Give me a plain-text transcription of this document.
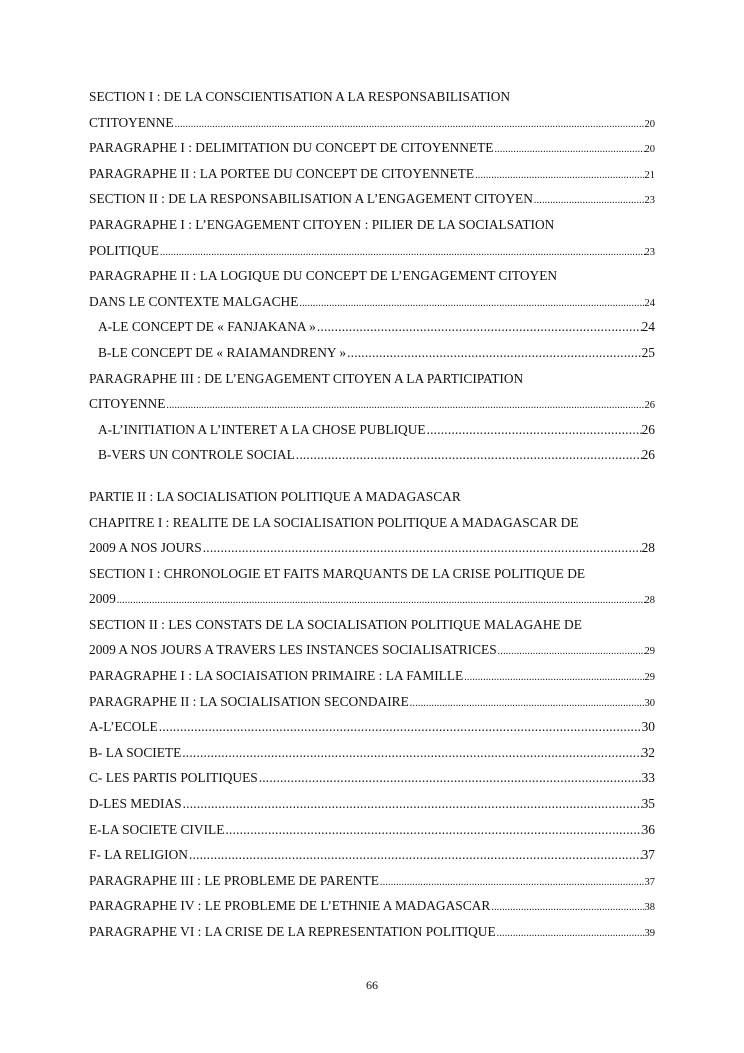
SECTION I : DE LA CONSCIENTISATION A LA RESPONSABILISATION
CTITOYENNE .....	20
PARAGRAPHE I : DELIMITATION DU CONCEPT DE CITOYENNETE .....	20
PARAGRAPHE II : LA PORTEE DU CONCEPT DE CITOYENNETE .....	21
SECTION II : DE LA RESPONSABILISATION A L’ENGAGEMENT CITOYEN .....	23
PARAGRAPHE I : L’ENGAGEMENT CITOYEN : PILIER DE LA SOCIALSATION
POLITIQUE .....	23
PARAGRAPHE II : LA LOGIQUE DU CONCEPT DE L’ENGAGEMENT CITOYEN
DANS LE CONTEXTE MALGACHE .....	24
A-LE CONCEPT DE « FANJAKANA » .....	24
B-LE CONCEPT DE « RAIAMANDRENY » .....	25
PARAGRAPHE III : DE L’ENGAGEMENT CITOYEN A LA PARTICIPATION
CITOYENNE .....	26
A-L’INITIATION A L’INTERET A LA CHOSE PUBLIQUE .....	26
B-VERS UN CONTROLE SOCIAL .....	26
PARTIE II : LA SOCIALISATION POLITIQUE A MADAGASCAR
CHAPITRE I : REALITE DE LA SOCIALISATION POLITIQUE A MADAGASCAR DE
2009 A NOS JOURS .....	28
SECTION I : CHRONOLOGIE ET FAITS MARQUANTS DE LA CRISE POLITIQUE DE
2009 .....	28
SECTION II : LES CONSTATS DE LA SOCIALISATION POLITIQUE MALAGAHE DE
2009 A NOS JOURS A TRAVERS LES INSTANCES SOCIALISATRICES .....	29
PARAGRAPHE I : LA SOCIAISATION PRIMAIRE : LA FAMILLE .....	29
PARAGRAPHE II : LA SOCIALISATION SECONDAIRE .....	30
A-L’ECOLE .....	30
B- LA SOCIETE .....	32
C- LES PARTIS POLITIQUES .....	33
D-LES MEDIAS .....	35
E-LA SOCIETE CIVILE .....	36
F- LA RELIGION .....	37
PARAGRAPHE III : LE PROBLEME DE PARENTE .....	37
PARAGRAPHE IV : LE PROBLEME DE L’ETHNIE A MADAGASCAR .....	38
PARAGRAPHE VI : LA CRISE DE LA REPRESENTATION POLITIQUE .....	39
66
